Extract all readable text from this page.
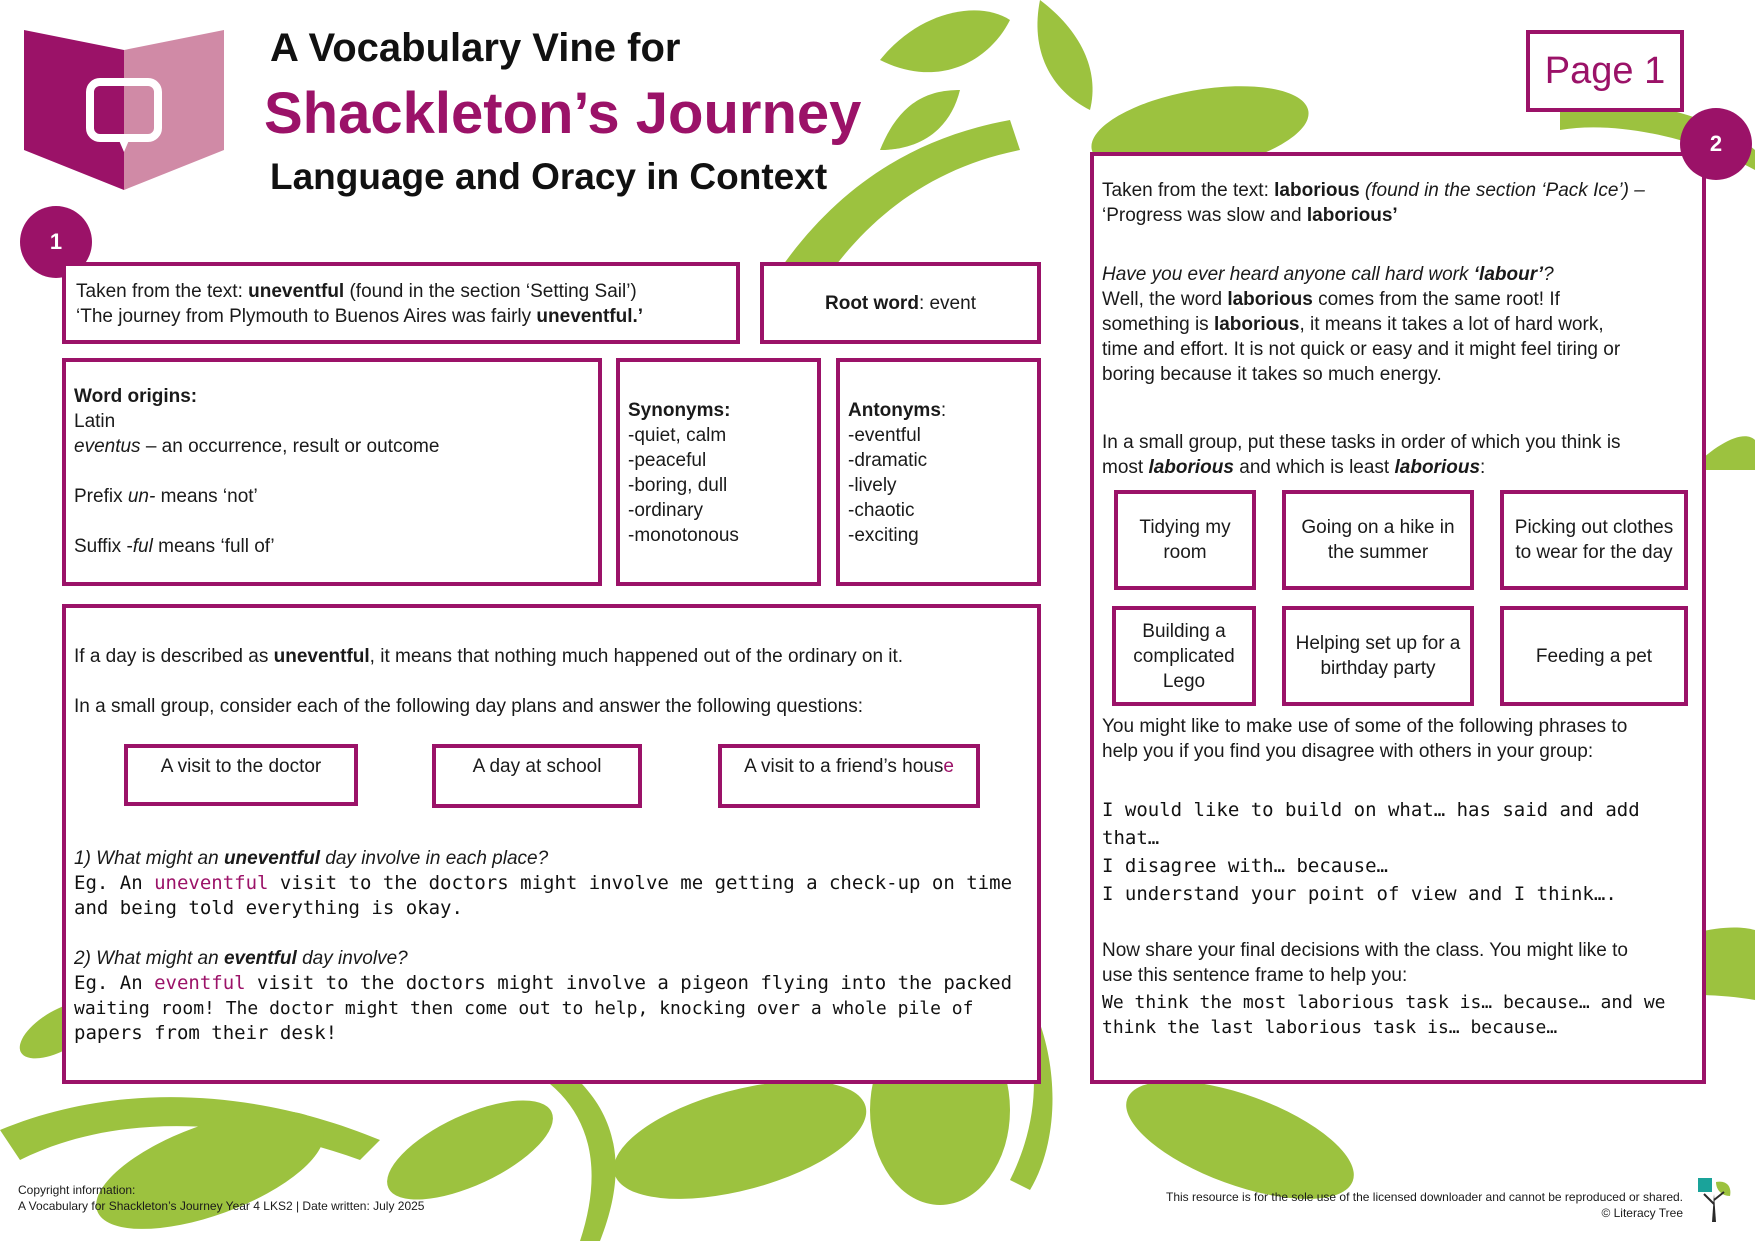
A Vocabulary Vine for
Shackleton’s Journey
Language and Oracy in Context
Page 1
1
Taken from the text: uneventful (found in the section ‘Setting Sail’)
‘The journey from Plymouth to Buenos Aires was fairly uneventful.’
Root word: event
Word origins:
Latin
eventus – an occurrence, result or outcome
Prefix un- means ‘not’
Suffix -ful means ‘full of’
Synonyms:
-quiet, calm
-peaceful
-boring, dull
-ordinary
-monotonous
Antonyms:
-eventful
-dramatic
-lively
-chaotic
-exciting
If a day is described as uneventful, it means that nothing much happened out of the ordinary on it.
In a small group, consider each of the following day plans and answer the following questions:
A visit to the doctor	A day at school	A visit to a friend’s house
1) What might an uneventful day involve in each place?
Eg. An uneventful visit to the doctors might involve me getting a check-up on time
and being told everything is okay.
2) What might an eventful day involve?
Eg. An eventful visit to the doctors might involve a pigeon flying into the packed
waiting room! The doctor might then come out to help, knocking over a whole pile of
papers from their desk!
Taken from the text: laborious (found in the section ‘Pack Ice’) –
‘Progress was slow and laborious’
Have you ever heard anyone call hard work ‘labour’?
Well, the word laborious comes from the same root! If
something is laborious, it means it takes a lot of hard work,
time and effort. It is not quick or easy and it might feel tiring or
boring because it takes so much energy.
In a small group, put these tasks in order of which you think is
most laborious and which is least laborious:
Tidying my room
Going on a hike in the summer
Picking out clothes to wear for the day
Building a complicated Lego
Helping set up for a birthday party
Feeding a pet
You might like to make use of some of the following phrases to
help you if you find you disagree with others in your group:
I would like to build on what… has said and add
that…
I disagree with… because…
I understand your point of view and I think….
Now share your final decisions with the class. You might like to
use this sentence frame to help you:
We think the most laborious task is… because… and we
think the last laborious task is… because…
2
Copyright information:
A Vocabulary for Shackleton’s Journey Year 4 LKS2 | Date written: July 2025
This resource is for the sole use of the licensed downloader and cannot be reproduced or shared.
© Literacy Tree
